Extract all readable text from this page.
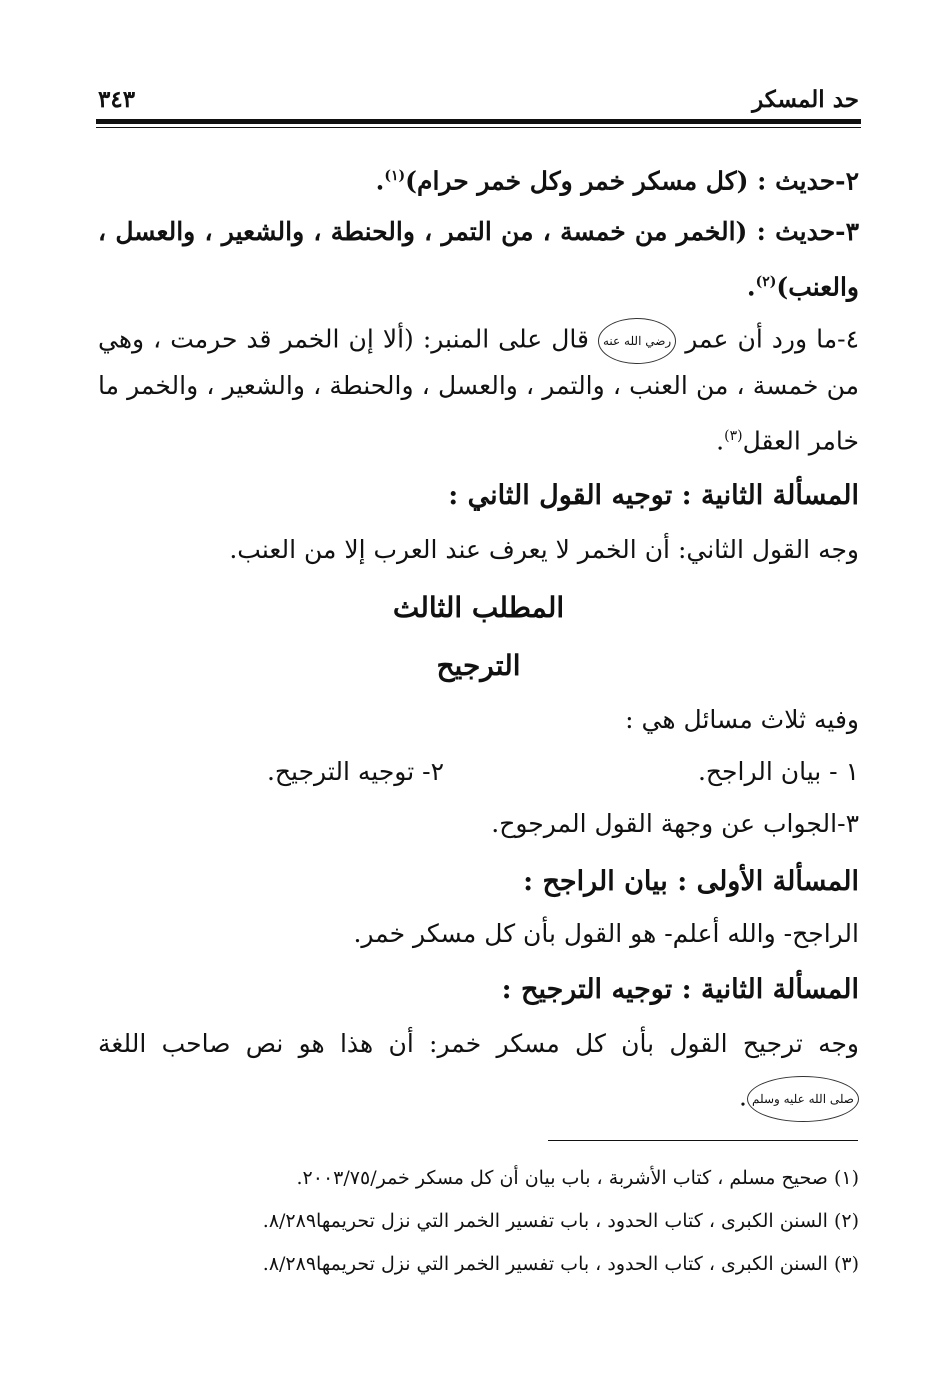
حد المسكر
٣٤٣
٢-حديث : (كل مسكر خمر وكل خمر حرام)$^{(١)}$.
٣-حديث : (الخمر من خمسة ، من التمر ، والحنطة ، والشعير ، والعسل ،
والعنب)$^{(٢)}$.
٤-ما ورد أن عمر رضي الله عنه قال على المنبر: (ألا إن الخمر قد حرمت ، وهي
من خمسة ، من العنب ، والتمر ، والعسل ، والحنطة ، والشعير ، والخمر ما
خامر العقل$^{(٣)}$.
المسألة الثانية : توجيه القول الثاني :
وجه القول الثاني: أن الخمر لا يعرف عند العرب إلا من العنب.
المطلب الثالث
الترجيح
وفيه ثلاث مسائل هي :
١ - بيان الراجح.
٢- توجيه الترجيح.
٣-الجواب عن وجهة القول المرجوح.
المسألة الأولى : بيان الراجح :
الراجح- والله أعلم- هو القول بأن كل مسكر خمر.
المسألة الثانية : توجيه الترجيح :
وجه ترجيح القول بأن كل مسكر خمر: أن هذا هو نص صاحب اللغة
صلى الله عليه وسلم.
(١) صحيح مسلم ، كتاب الأشربة ، باب بيان أن كل مسكر خمر/٢٠٠٣/٧٥.
(٢) السنن الكبرى ، كتاب الحدود ، باب تفسير الخمر التي نزل تحريمها٨/٢٨٩.
(٣) السنن الكبرى ، كتاب الحدود ، باب تفسير الخمر التي نزل تحريمها٨/٢٨٩.
